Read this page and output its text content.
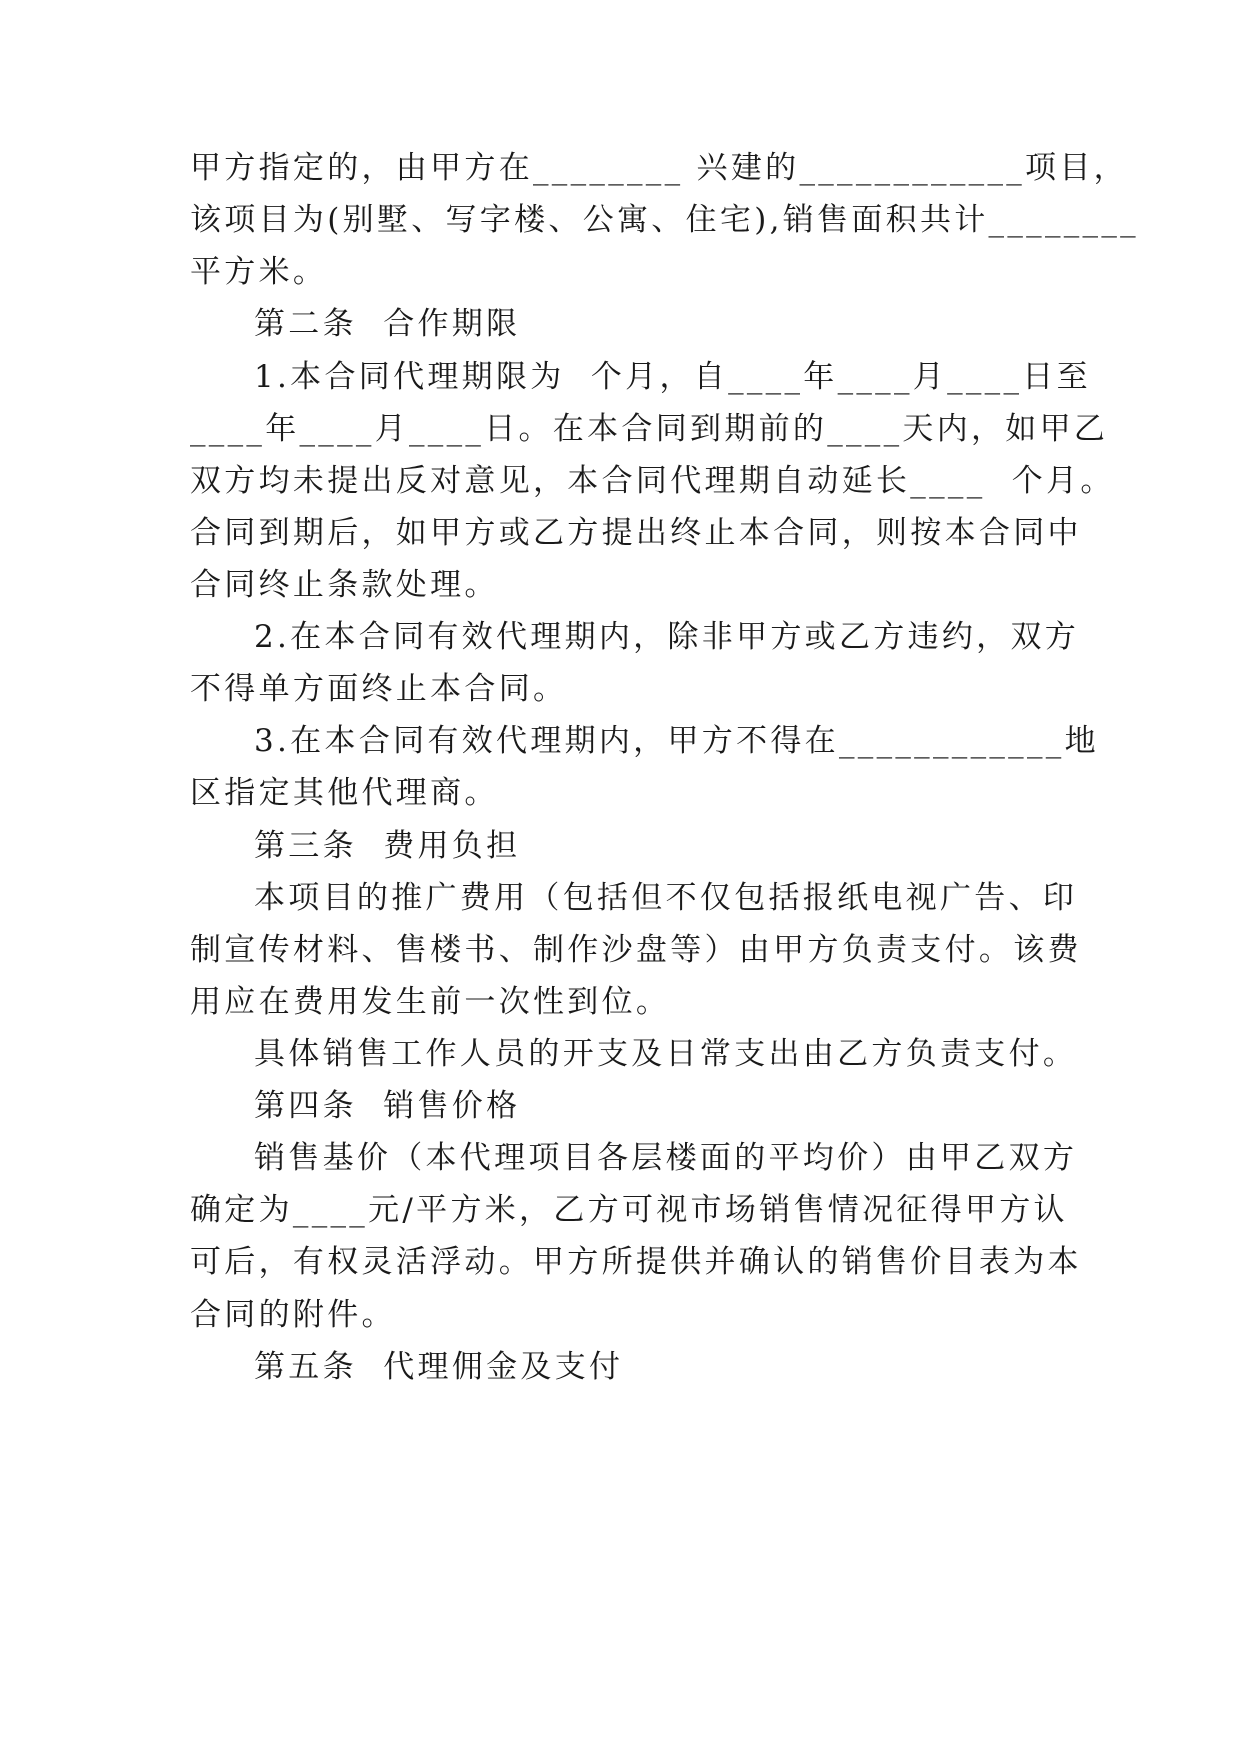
甲方指定的，由甲方在________ 兴建的____________项目，
该项目为(别墅、写字楼、公寓、住宅),销售面积共计________
平方米。
第二条  合作期限
1.本合同代理期限为  个月，自____年____月____日至
____年____月____日。在本合同到期前的____天内，如甲乙
双方均未提出反对意见，本合同代理期自动延长____  个月。
合同到期后，如甲方或乙方提出终止本合同，则按本合同中
合同终止条款处理。
2.在本合同有效代理期内，除非甲方或乙方违约，双方
不得单方面终止本合同。
3.在本合同有效代理期内，甲方不得在____________地
区指定其他代理商。
第三条  费用负担
本项目的推广费用（包括但不仅包括报纸电视广告、印
制宣传材料、售楼书、制作沙盘等）由甲方负责支付。该费
用应在费用发生前一次性到位。
具体销售工作人员的开支及日常支出由乙方负责支付。
第四条  销售价格
销售基价（本代理项目各层楼面的平均价）由甲乙双方
确定为____元/平方米，乙方可视市场销售情况征得甲方认
可后，有权灵活浮动。甲方所提供并确认的销售价目表为本
合同的附件。
第五条  代理佣金及支付
